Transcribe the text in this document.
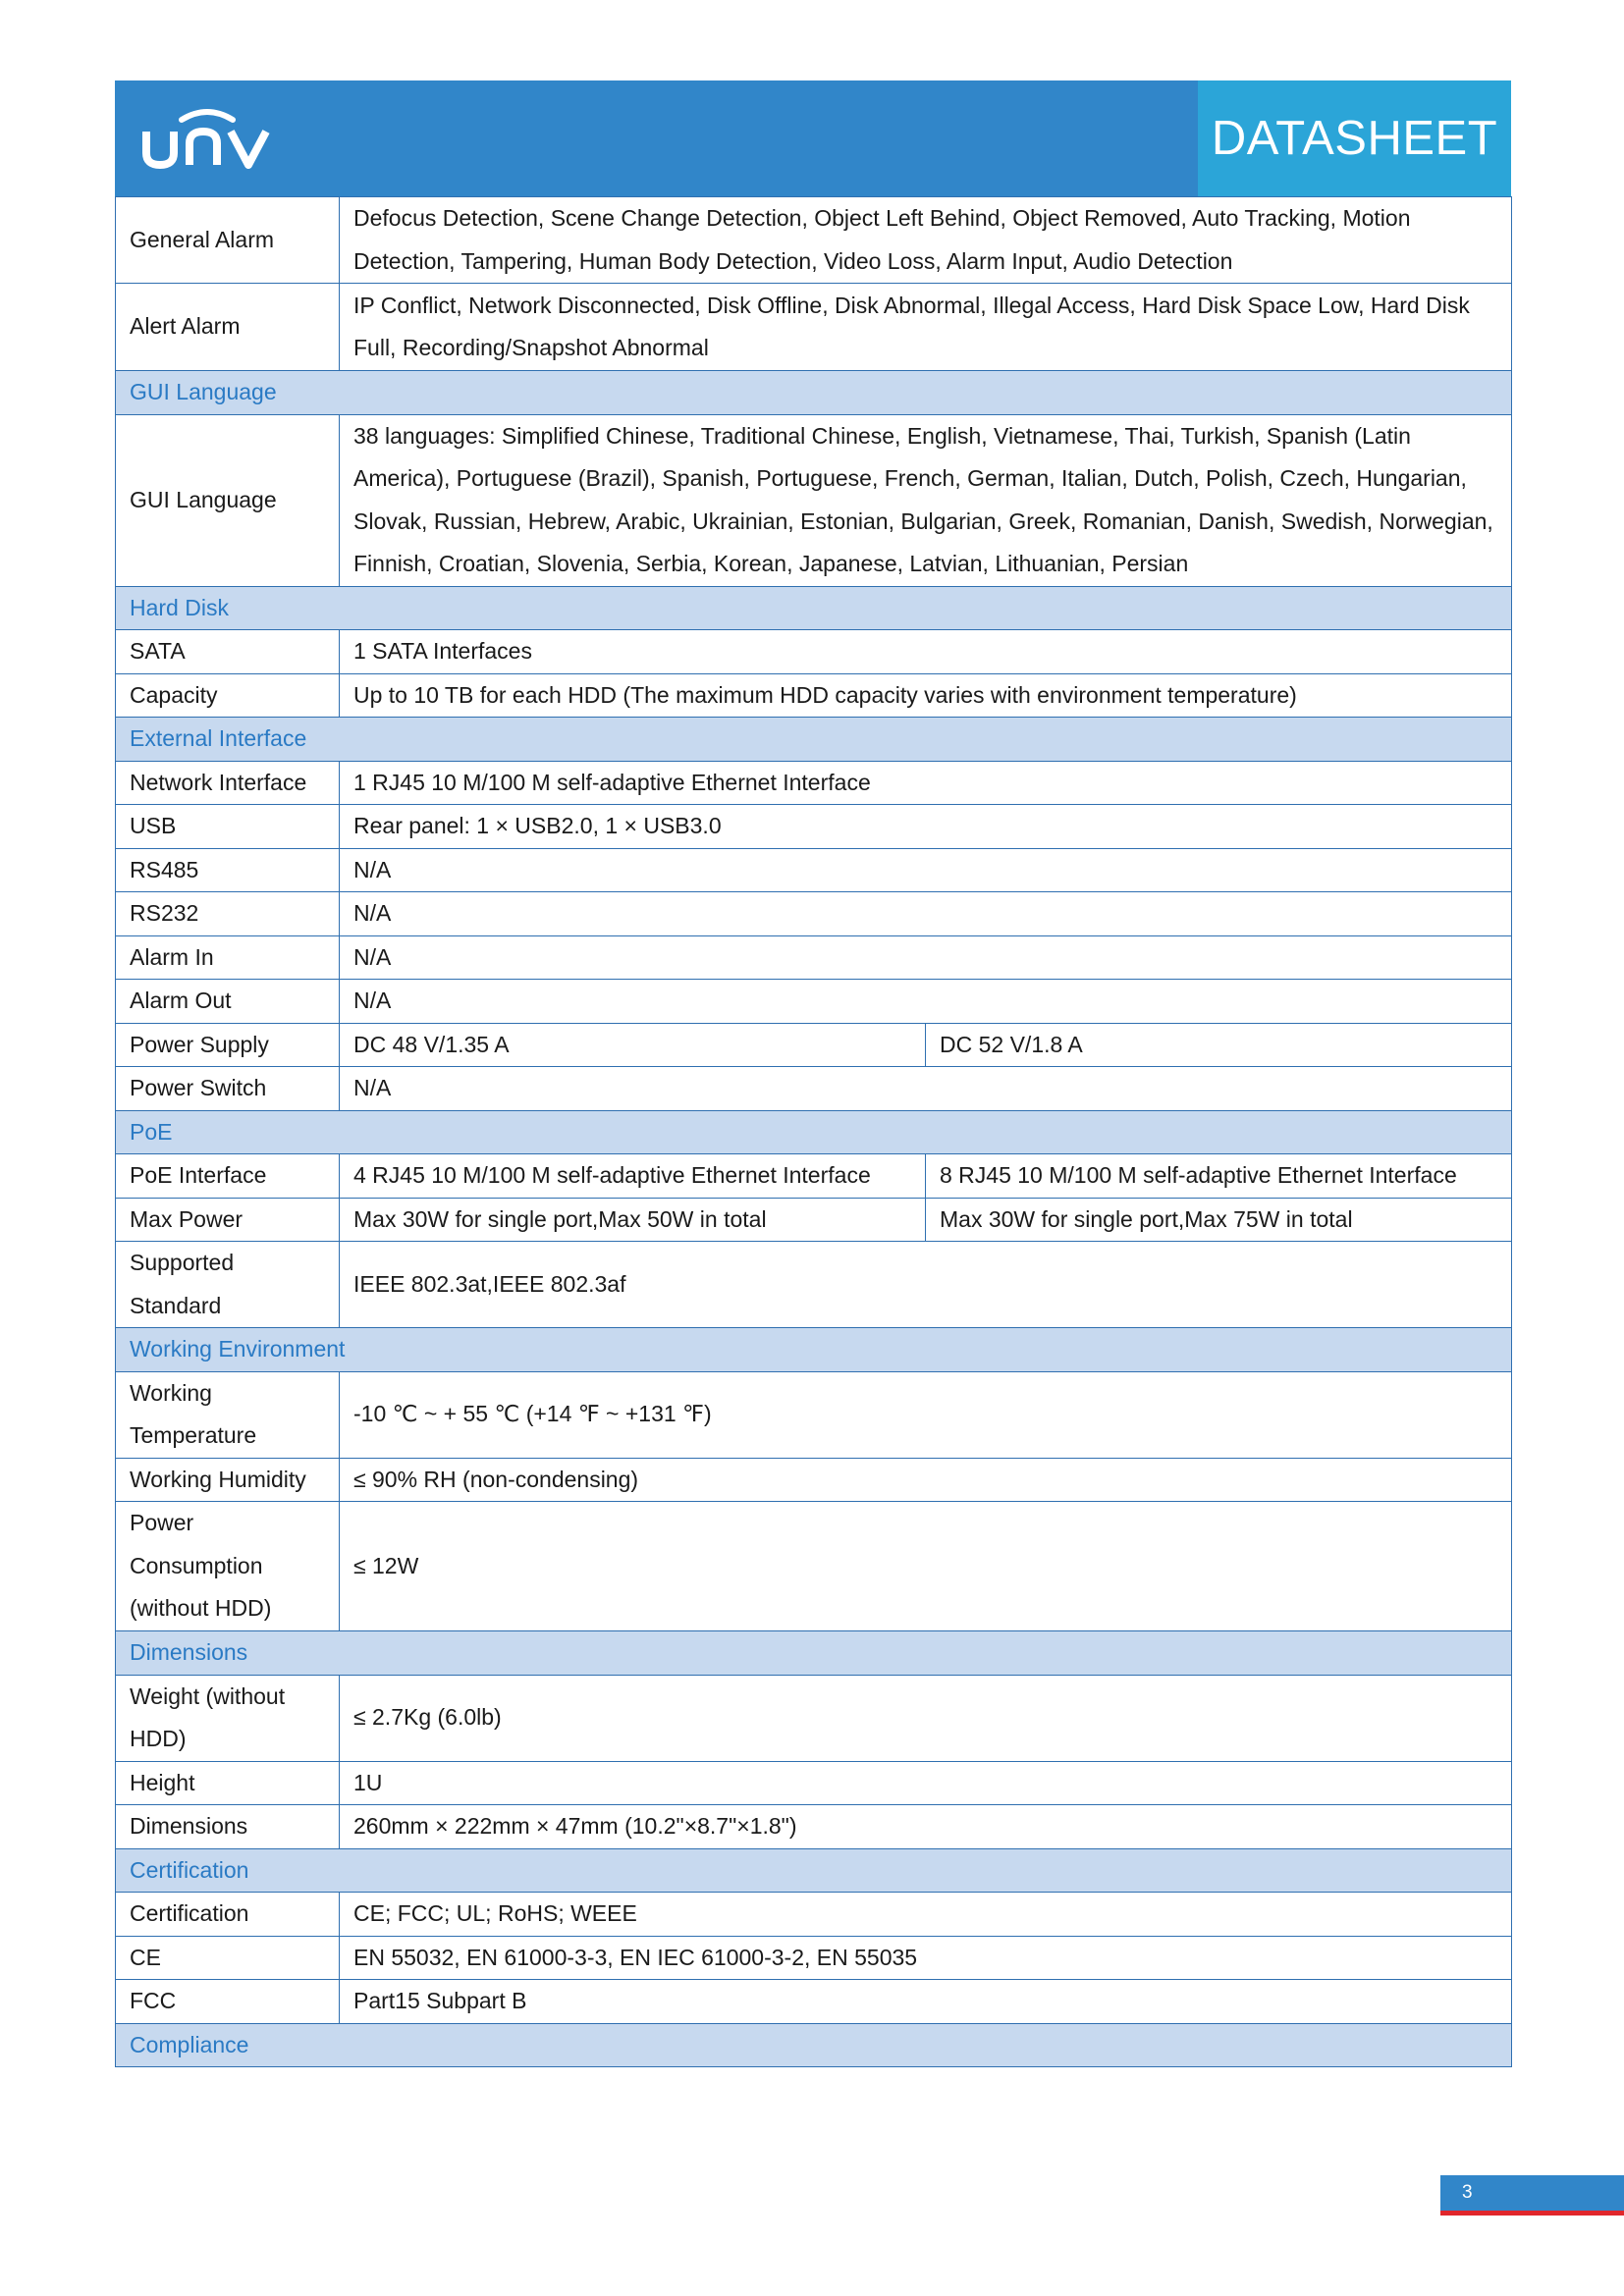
DATASHEET
General Alarm	Defocus Detection, Scene Change Detection, Object Left Behind, Object Removed, Auto Tracking, Motion Detection, Tampering, Human Body Detection, Video Loss, Alarm Input, Audio Detection	
Alert Alarm	IP Conflict, Network Disconnected, Disk Offline, Disk Abnormal, Illegal Access, Hard Disk Space Low, Hard Disk Full, Recording/Snapshot Abnormal	
GUI Language		
GUI Language	38 languages: Simplified Chinese, Traditional Chinese, English, Vietnamese, Thai, Turkish, Spanish (Latin America), Portuguese (Brazil), Spanish, Portuguese, French, German, Italian, Dutch, Polish, Czech, Hungarian, Slovak, Russian, Hebrew, Arabic, Ukrainian, Estonian, Bulgarian, Greek, Romanian, Danish, Swedish, Norwegian, Finnish, Croatian, Slovenia, Serbia, Korean, Japanese, Latvian, Lithuanian, Persian	
Hard Disk		
SATA	1 SATA Interfaces	
Capacity	Up to 10 TB for each HDD (The maximum HDD capacity varies with environment temperature)	
External Interface		
Network Interface	1 RJ45 10 M/100 M self-adaptive Ethernet Interface	
USB	Rear panel: 1 × USB2.0, 1 × USB3.0	
RS485	N/A	
RS232	N/A	
Alarm In	N/A	
Alarm Out	N/A	
Power Supply	DC 48 V/1.35 A	DC 52 V/1.8 A
Power Switch	N/A	
PoE		
PoE Interface	4 RJ45 10 M/100 M self-adaptive Ethernet Interface	8 RJ45 10 M/100 M self-adaptive Ethernet Interface
Max Power	Max 30W for single port,Max 50W in total	Max 30W for single port,Max 75W in total
Supported Standard	IEEE 802.3at,IEEE 802.3af	
Working Environment		
Working Temperature	-10 ℃ ~ + 55 ℃ (+14 ℉ ~ +131 ℉)	
Working Humidity	≤ 90% RH (non-condensing)	
Power Consumption (without HDD)	≤ 12W	
Dimensions		
Weight (without HDD)	≤ 2.7Kg (6.0lb)	
Height	1U	
Dimensions	260mm × 222mm × 47mm (10.2"×8.7"×1.8")	
Certification		
Certification	CE; FCC; UL; RoHS; WEEE	
CE	EN 55032, EN 61000-3-3, EN IEC 61000-3-2, EN 55035	
FCC	Part15 Subpart B	
Compliance		
3
